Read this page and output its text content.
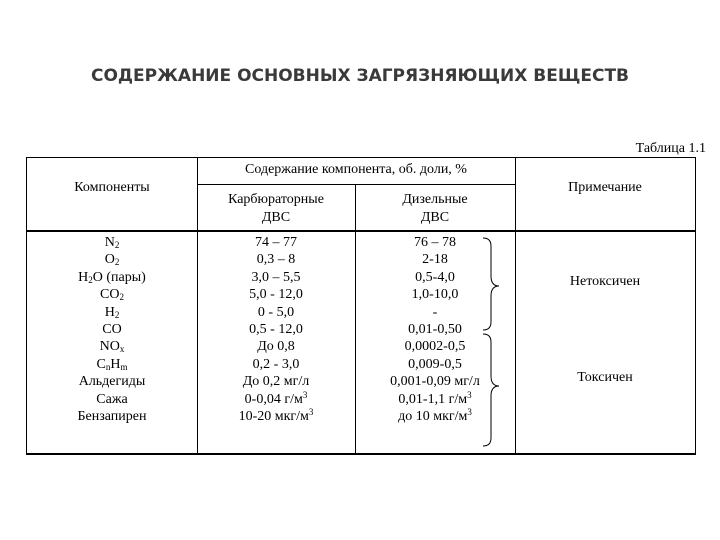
СОДЕРЖАНИЕ ОСНОВНЫХ ЗАГРЯЗНЯЮЩИХ ВЕЩЕСТВ
Таблица 1.1
Компоненты
Содержание компонента, об. доли, %
Карбюраторные
ДВС
Дизельные
ДВС
Примечание
$N_2$
$O_2$
$H_2O$ (пары)
$CO_2$
$H_2$
CO
$NO_x$
$C_nH_m$
Альдегиды
Сажа
Бензапирен
74 – 77
0,3 – 8
3,0 – 5,5
5,0 - 12,0
0 - 5,0
0,5 - 12,0
До 0,8
0,2 - 3,0
До 0,2 мг/л
0-0,04 $г/м^3$
10-20 мкг/$м^3$
76 – 78
2-18
0,5-4,0
1,0-10,0
-
0,01-0,50
0,0002-0,5
0,009-0,5
0,001-0,09 мг/л
0,01-1,1 $г/м^3$
до 10 мкг/$м^3$
Нетоксичен
Токсичен
